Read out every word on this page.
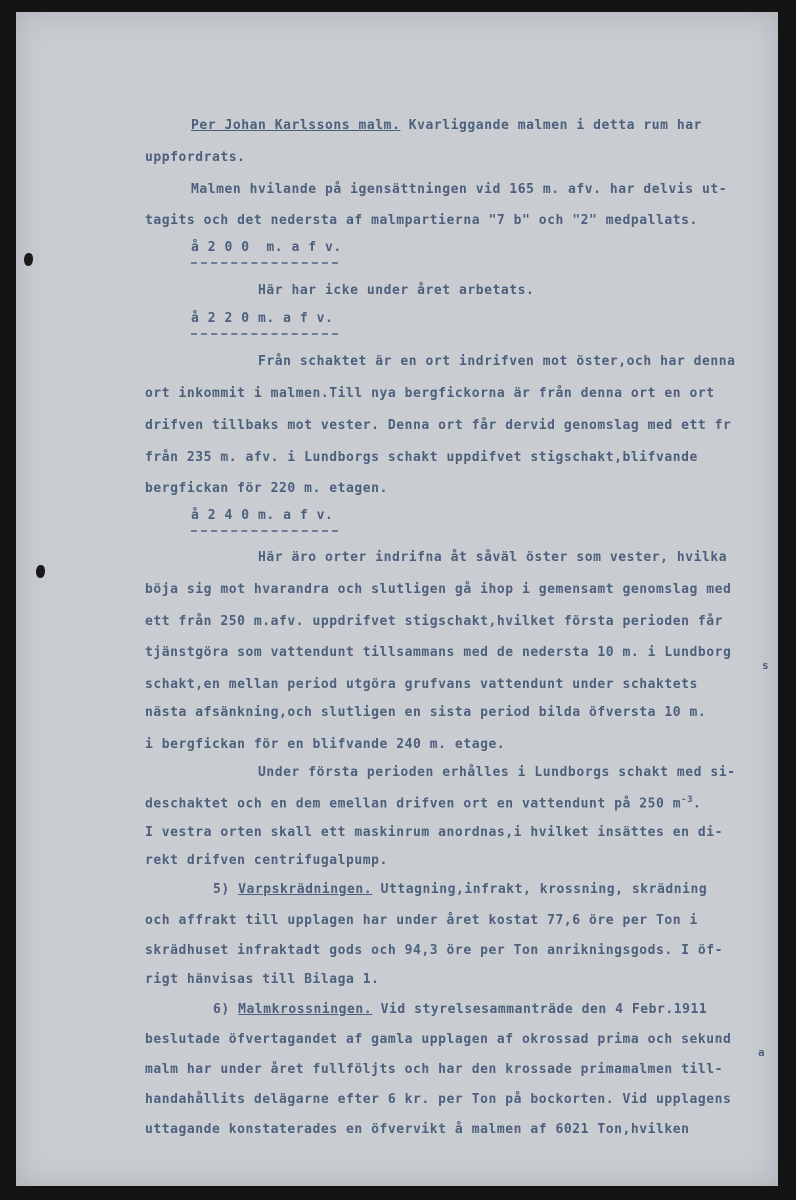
Per Johan Karlssons malm. Kvarliggande malmen i detta rum har
uppfordrats.
Malmen hvilande på igensättningen vid 165 m. afv. har delvis ut-
tagits och det nedersta af malmpartierna "7 b" och "2" medpallats.
å 2 0 0  m. a f v.
Här har icke under året arbetats.
å 2 2 0 m. a f v.
Från schaktet är en ort indrifven mot öster,och har denna
ort inkommit i malmen.Till nya bergfickorna är från denna ort en ort
drifven tillbaks mot vester. Denna ort får dervid genomslag med ett fr
från 235 m. afv. i Lundborgs schakt uppdifvet stigschakt,blifvande
bergfickan för 220 m. etagen.
å 2 4 0 m. a f v.
Här äro orter indrifna åt såväl öster som vester, hvilka
böja sig mot hvarandra och slutligen gå ihop i gemensamt genomslag med
ett från 250 m.afv. uppdrifvet stigschakt,hvilket första perioden får
tjänstgöra som vattendunt tillsammans med de nedersta 10 m. i Lundborg
s
schakt,en mellan period utgöra grufvans vattendunt under schaktets
nästa afsänkning,och slutligen en sista period bilda öfversta 10 m.
i bergfickan för en blifvande 240 m. etage.
Under första perioden erhålles i Lundborgs schakt med si-
deschaktet och en dem emellan drifven ort en vattendunt på 250 $m^{-3}$.
I vestra orten skall ett maskinrum anordnas,i hvilket insättes en di-
rekt drifven centrifugalpump.
5) Varpskrädningen. Uttagning,infrakt, krossning, skrädning
och affrakt till upplagen har under året kostat 77,6 öre per Ton i
skrädhuset infraktadt gods och 94,3 öre per Ton anrikningsgods. I öf-
rigt hänvisas till Bilaga 1.
6) Malmkrossningen. Vid styrelsesammanträde den 4 Febr.1911
beslutade öfvertagandet af gamla upplagen af okrossad prima och sekund
a
malm har under året fullföljts och har den krossade primamalmen till-
handahållits delägarne efter 6 kr. per Ton på bockorten. Vid upplagens
uttagande konstaterades en öfvervikt å malmen af 6021 Ton,hvilken
